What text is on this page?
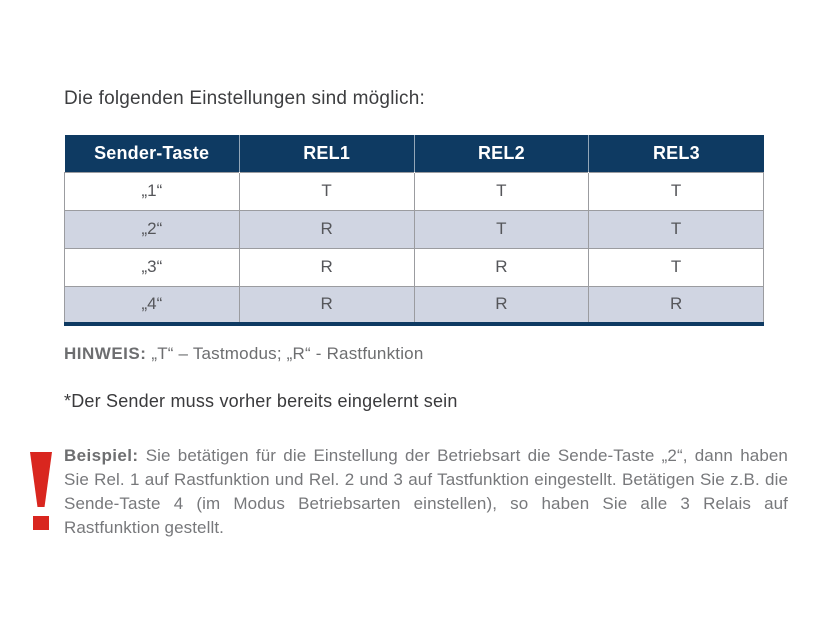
Die folgenden Einstellungen sind möglich:
Sender-Taste	REL1	REL2	REL3
„1“	T	T	T
„2“	R	T	T
„3“	R	R	T
„4“	R	R	R
HINWEIS: „T“ – Tastmodus; „R“ - Rastfunktion
*Der Sender muss vorher bereits eingelernt sein
Beispiel: Sie betätigen für die Einstellung der Betriebsart die Sende-Taste „2“, dann haben Sie Rel. 1 auf Rastfunktion und Rel. 2 und 3 auf Tastfunktion eingestellt. Betätigen Sie z.B. die Sende-Taste 4 (im Modus Betriebsarten einstellen), so haben Sie alle 3 Relais auf Rastfunktion gestellt.
